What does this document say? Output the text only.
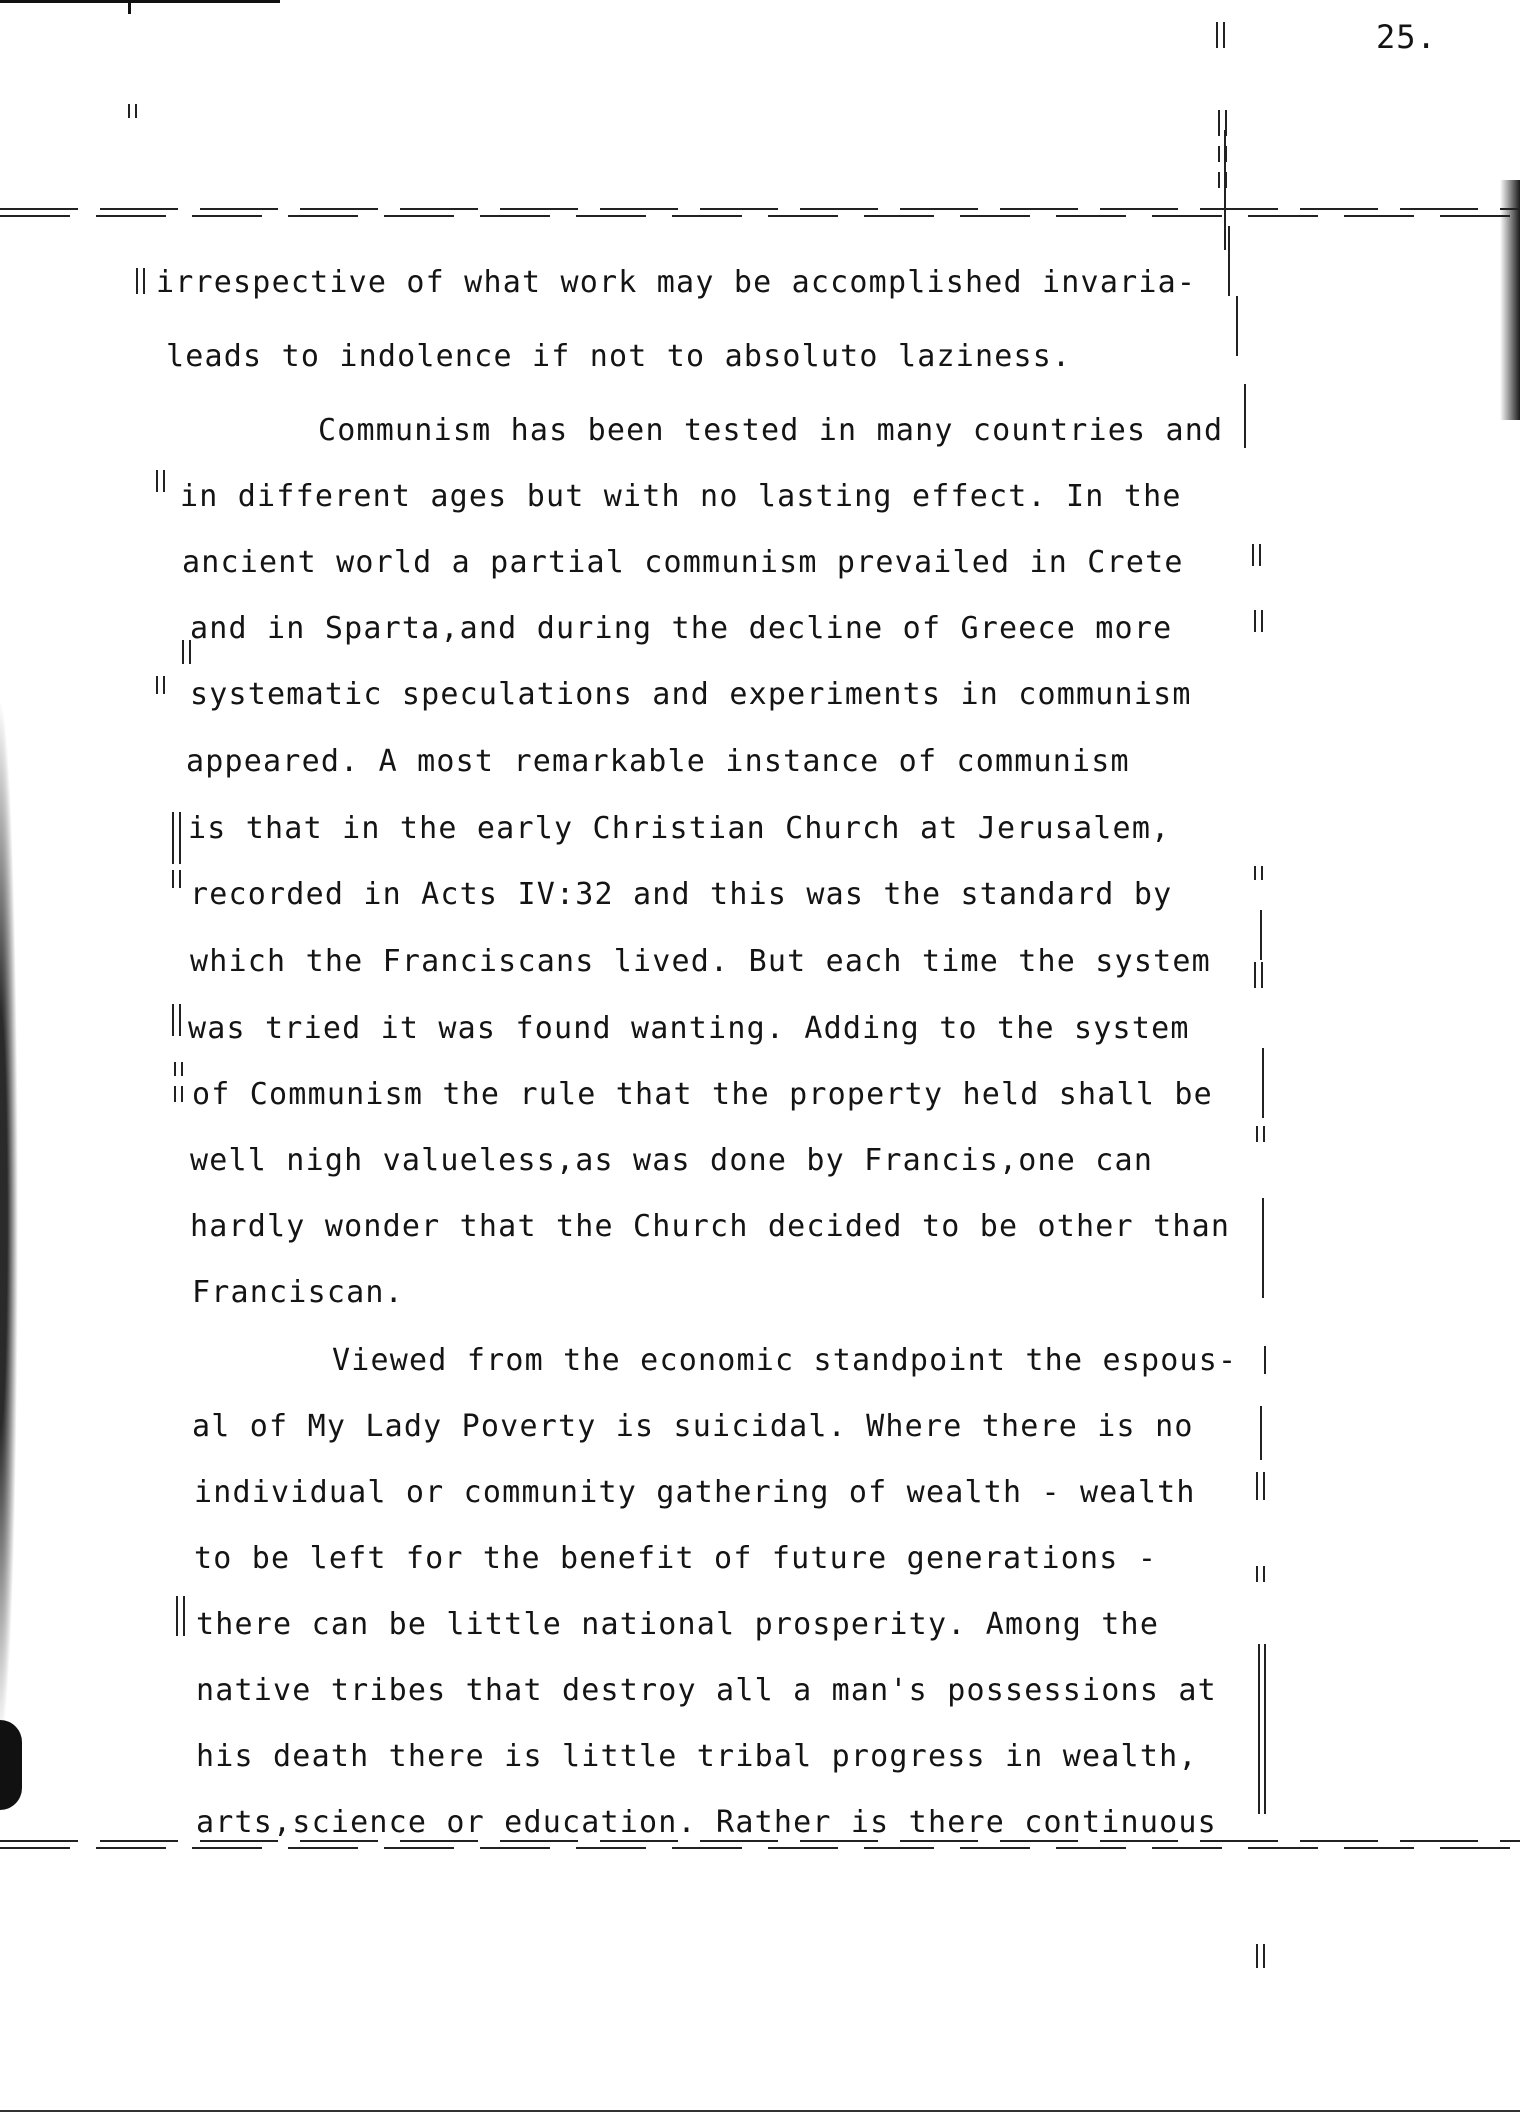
25.
irrespective of what work may be accomplished invaria-
leads to indolence if not to absoluto laziness.
Communism has been tested in many countries and
in different ages but with no lasting effect. In the
ancient world a partial communism prevailed in Crete
and in Sparta,and during the decline of Greece more
systematic speculations and experiments in communism
appeared. A most remarkable instance of communism
is that in the early Christian Church at Jerusalem,
recorded in Acts IV:32 and this was the standard by
which the Franciscans lived. But each time the system
was tried it was found wanting. Adding to the system
of Communism the rule that the property held shall be
well nigh valueless,as was done by Francis,one can
hardly wonder that the Church decided to be other than
Franciscan.
Viewed from the economic standpoint the espous-
al of My Lady Poverty is suicidal. Where there is no
individual or community gathering of wealth - wealth
to be left for the benefit of future generations -
there can be little national prosperity. Among the
native tribes that destroy all a man's possessions at
his death there is little tribal progress in wealth,
arts,science or education. Rather is there continuous
